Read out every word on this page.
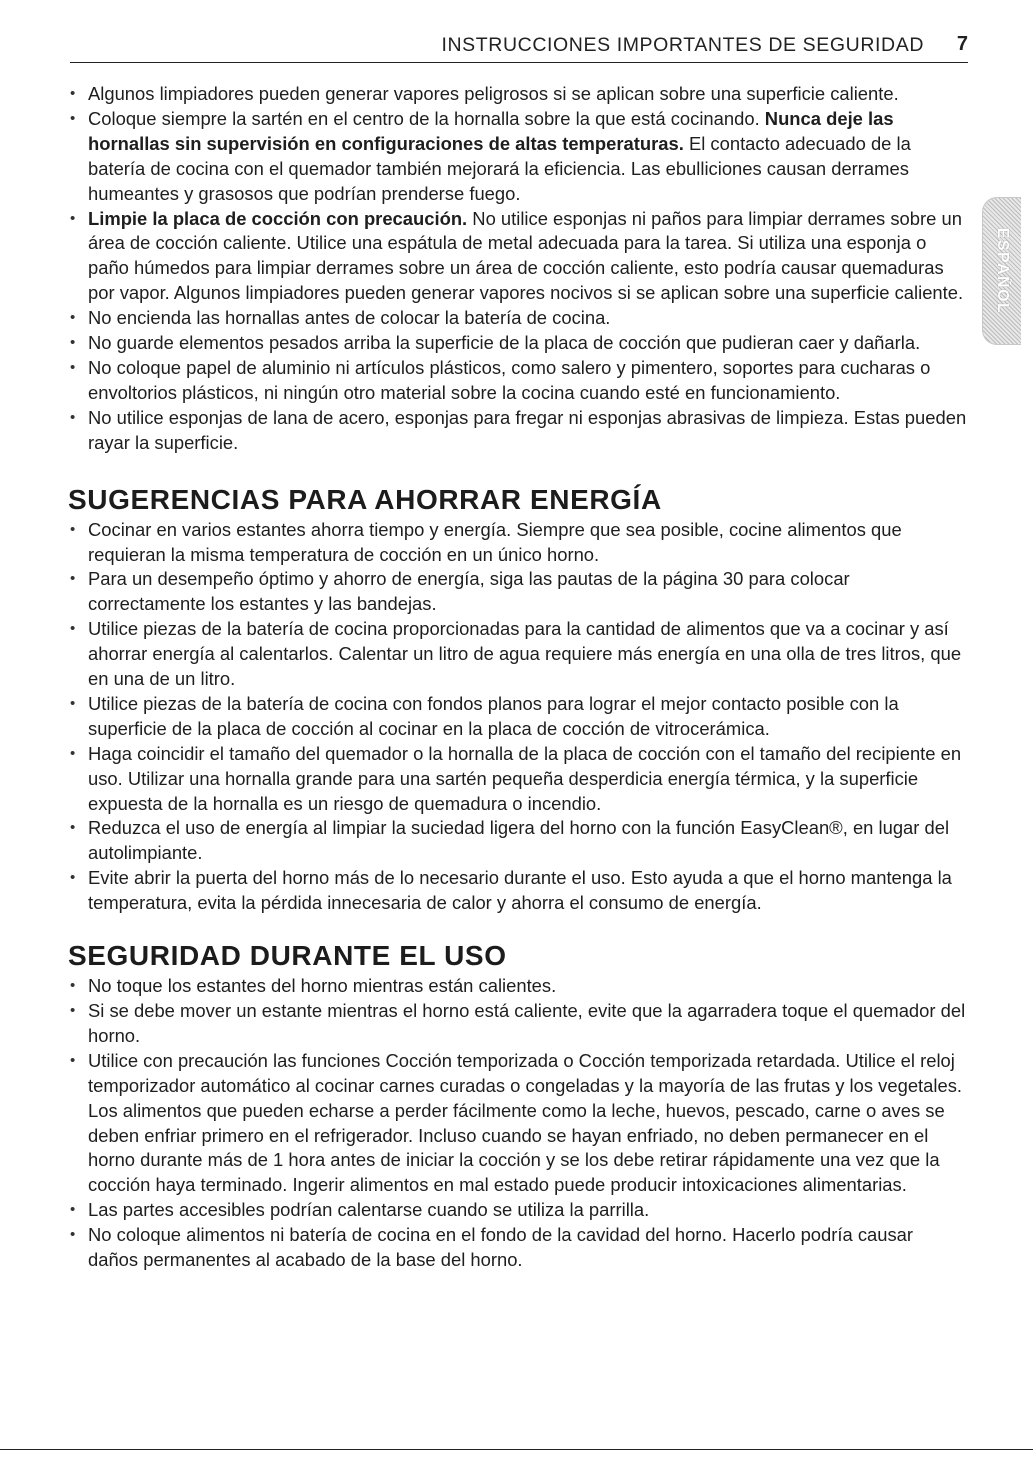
INSTRUCCIONES IMPORTANTES DE SEGURIDAD 7
ESPAÑOL
• Algunos limpiadores pueden generar vapores peligrosos si se aplican sobre una superficie caliente.
• Coloque siempre la sartén en el centro de la hornalla sobre la que está cocinando. Nunca deje las hornallas sin supervisión en configuraciones de altas temperaturas. El contacto adecuado de la batería de cocina con el quemador también mejorará la eficiencia. Las ebulliciones causan derrames humeantes y grasosos que podrían prenderse fuego.
• Limpie la placa de cocción con precaución. No utilice esponjas ni paños para limpiar derrames sobre un área de cocción caliente. Utilice una espátula de metal adecuada para la tarea. Si utiliza una esponja o paño húmedos para limpiar derrames sobre un área de cocción caliente, esto podría causar quemaduras por vapor. Algunos limpiadores pueden generar vapores nocivos si se aplican sobre una superficie caliente.
• No encienda las hornallas antes de colocar la batería de cocina.
• No guarde elementos pesados arriba la superficie de la placa de cocción que pudieran caer y dañarla.
• No coloque papel de aluminio ni artículos plásticos, como salero y pimentero, soportes para cucharas o envoltorios plásticos, ni ningún otro material sobre la cocina cuando esté en funcionamiento.
• No utilice esponjas de lana de acero, esponjas para fregar ni esponjas abrasivas de limpieza. Estas pueden rayar la superficie.
SUGERENCIAS PARA AHORRAR ENERGÍA
• Cocinar en varios estantes ahorra tiempo y energía. Siempre que sea posible, cocine alimentos que requieran la misma temperatura de cocción en un único horno.
• Para un desempeño óptimo y ahorro de energía, siga las pautas de la página 30 para colocar correctamente los estantes y las bandejas.
• Utilice piezas de la batería de cocina proporcionadas para la cantidad de alimentos que va a cocinar y así ahorrar energía al calentarlos. Calentar un litro de agua requiere más energía en una olla de tres litros, que en una de un litro.
• Utilice piezas de la batería de cocina con fondos planos para lograr el mejor contacto posible con la superficie de la placa de cocción al cocinar en la placa de cocción de vitrocerámica.
• Haga coincidir el tamaño del quemador o la hornalla de la placa de cocción con el tamaño del recipiente en uso. Utilizar una hornalla grande para una sartén pequeña desperdicia energía térmica, y la superficie expuesta de la hornalla es un riesgo de quemadura o incendio.
• Reduzca el uso de energía al limpiar la suciedad ligera del horno con la función EasyClean®, en lugar del autolimpiante.
• Evite abrir la puerta del horno más de lo necesario durante el uso. Esto ayuda a que el horno mantenga la temperatura, evita la pérdida innecesaria de calor y ahorra el consumo de energía.
SEGURIDAD DURANTE EL USO
• No toque los estantes del horno mientras están calientes.
• Si se debe mover un estante mientras el horno está caliente, evite que la agarradera toque el quemador del horno.
• Utilice con precaución las funciones Cocción temporizada o Cocción temporizada retardada. Utilice el reloj temporizador automático al cocinar carnes curadas o congeladas y la mayoría de las frutas y los vegetales. Los alimentos que pueden echarse a perder fácilmente como la leche, huevos, pescado, carne o aves se deben enfriar primero en el refrigerador. Incluso cuando se hayan enfriado, no deben permanecer en el horno durante más de 1 hora antes de iniciar la cocción y se los debe retirar rápidamente una vez que la cocción haya terminado. Ingerir alimentos en mal estado puede producir intoxicaciones alimentarias.
• Las partes accesibles podrían calentarse cuando se utiliza la parrilla.
• No coloque alimentos ni batería de cocina en el fondo de la cavidad del horno. Hacerlo podría causar daños permanentes al acabado de la base del horno.
